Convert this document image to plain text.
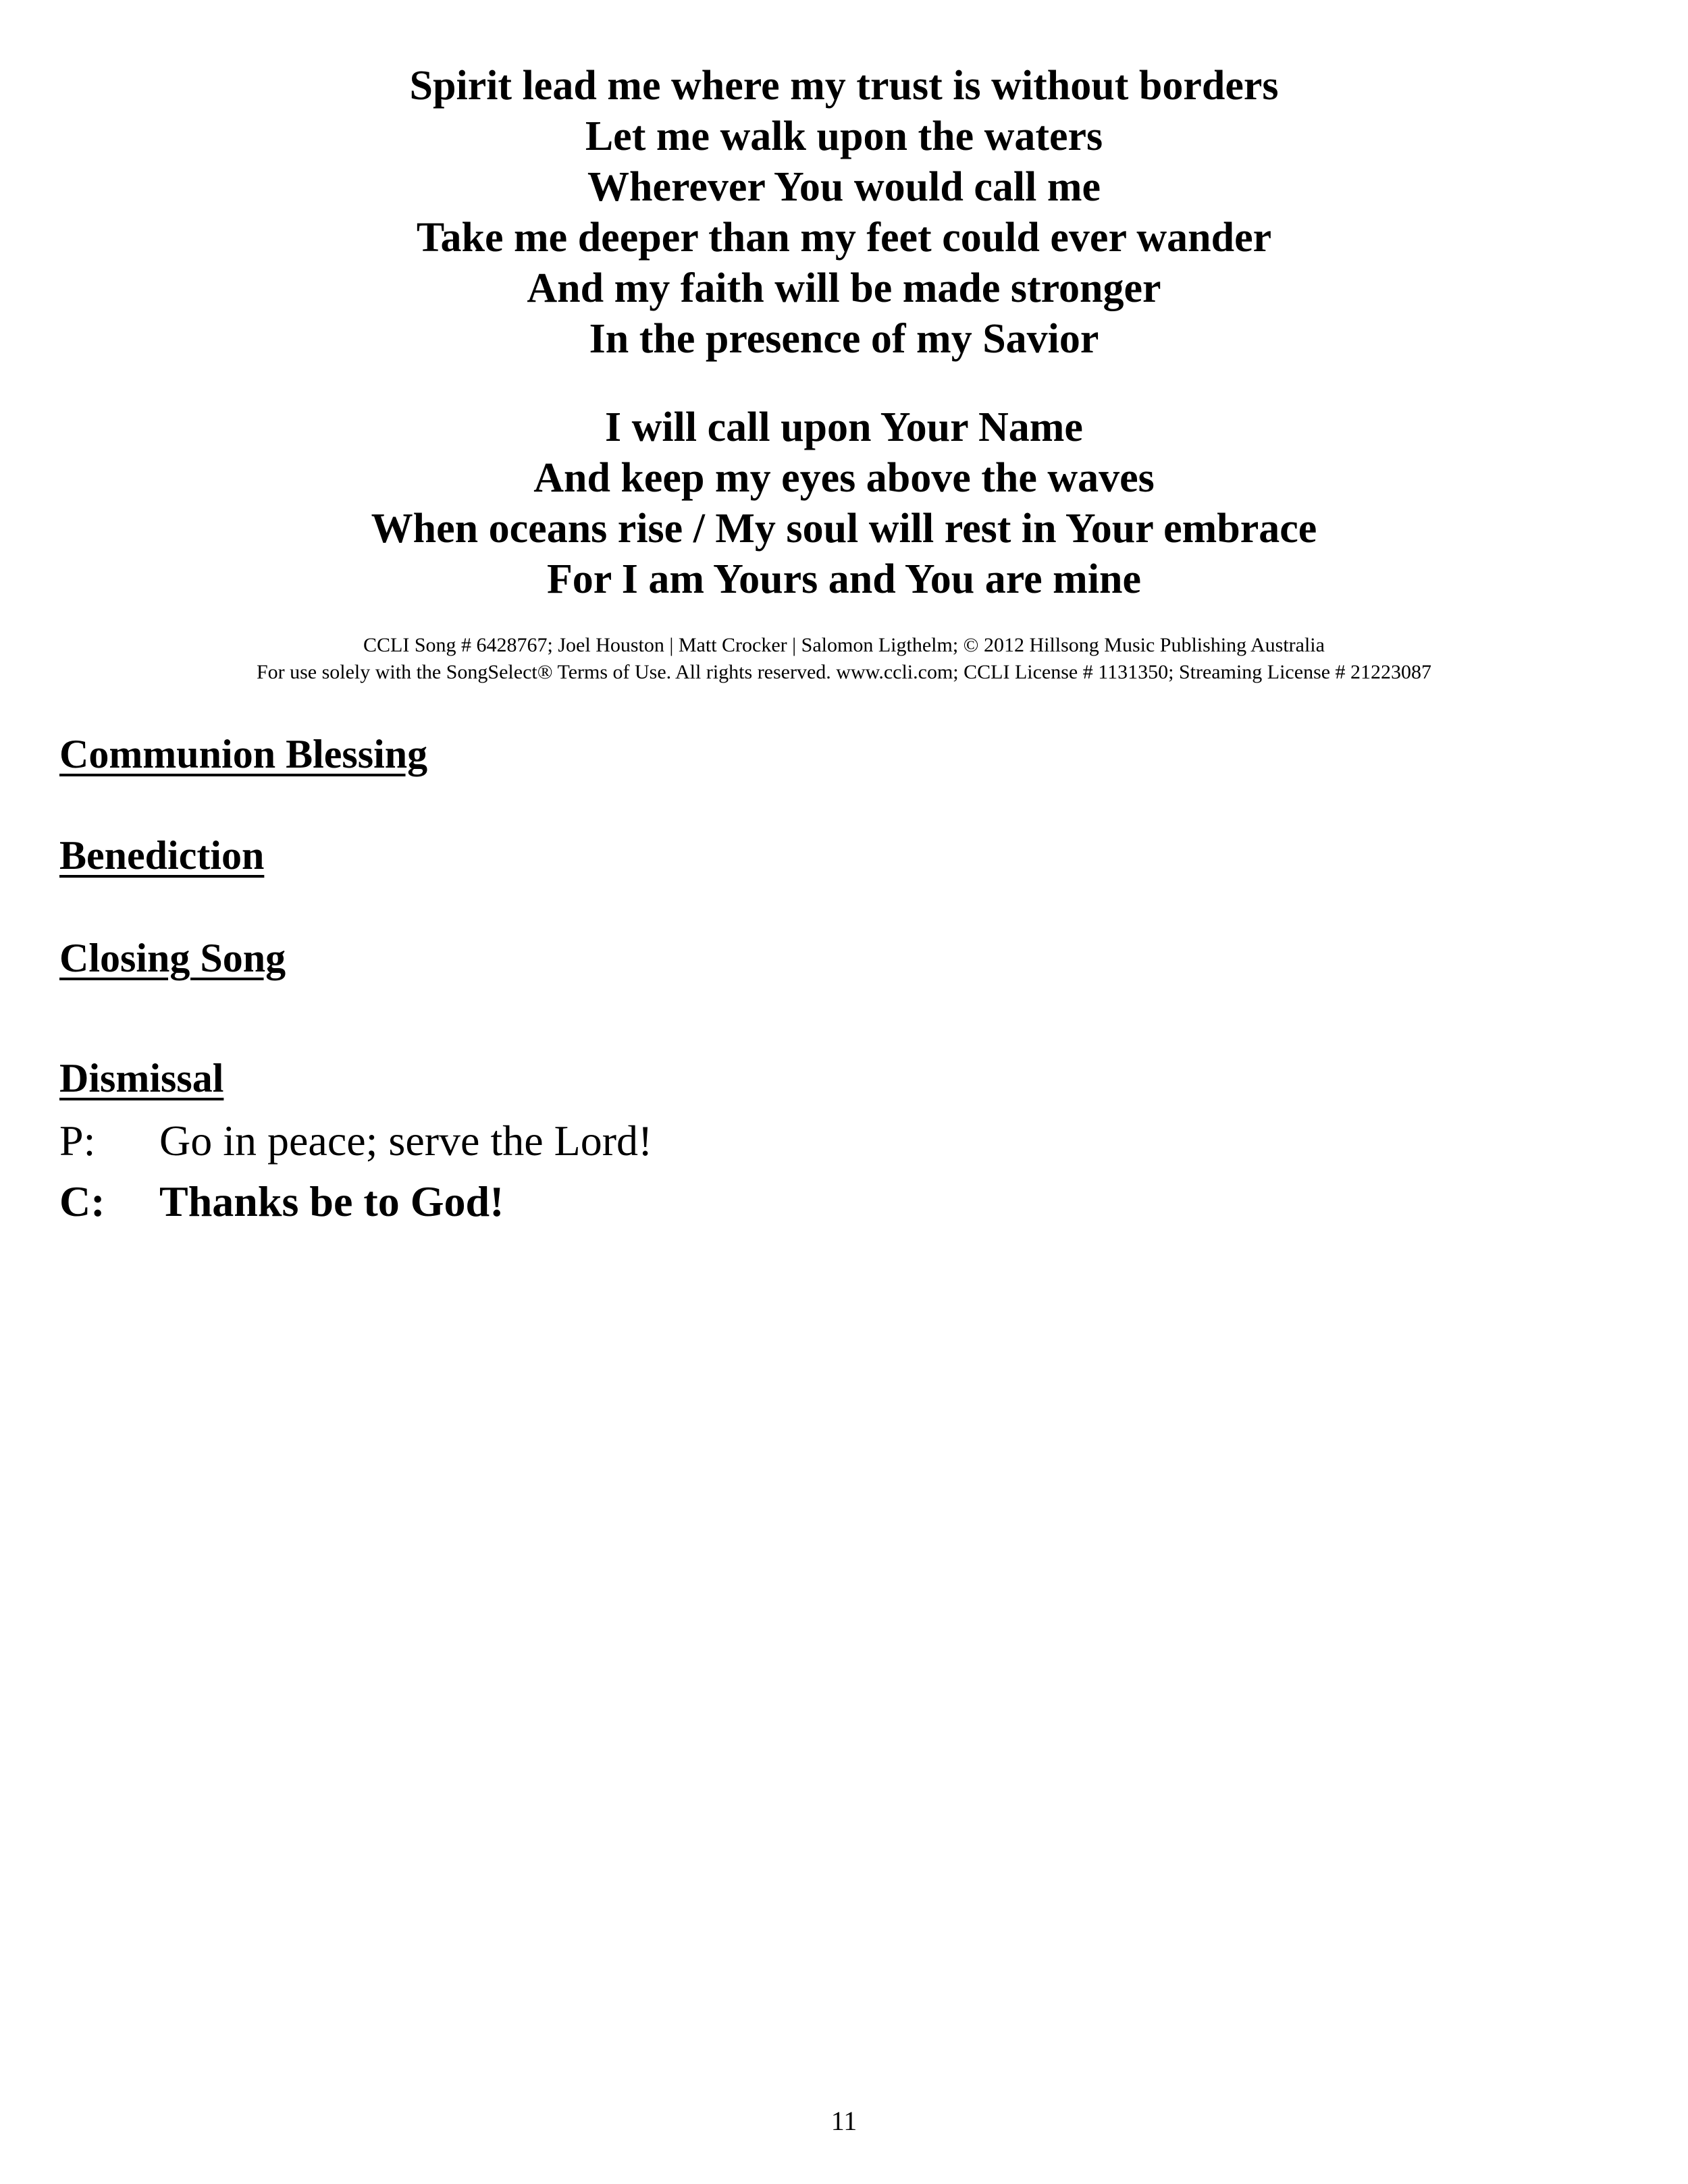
Spirit lead me where my trust is without borders
Let me walk upon the waters
Wherever You would call me
Take me deeper than my feet could ever wander
And my faith will be made stronger
In the presence of my Savior
I will call upon Your Name
And keep my eyes above the waves
When oceans rise / My soul will rest in Your embrace
For I am Yours and You are mine
CCLI Song # 6428767; Joel Houston | Matt Crocker | Salomon Ligthelm; © 2012 Hillsong Music Publishing Australia
For use solely with the SongSelect® Terms of Use. All rights reserved. www.ccli.com; CCLI License # 1131350; Streaming License # 21223087
Communion Blessing
Benediction
Closing Song
Dismissal
P: Go in peace; serve the Lord!
C: Thanks be to God!
11
